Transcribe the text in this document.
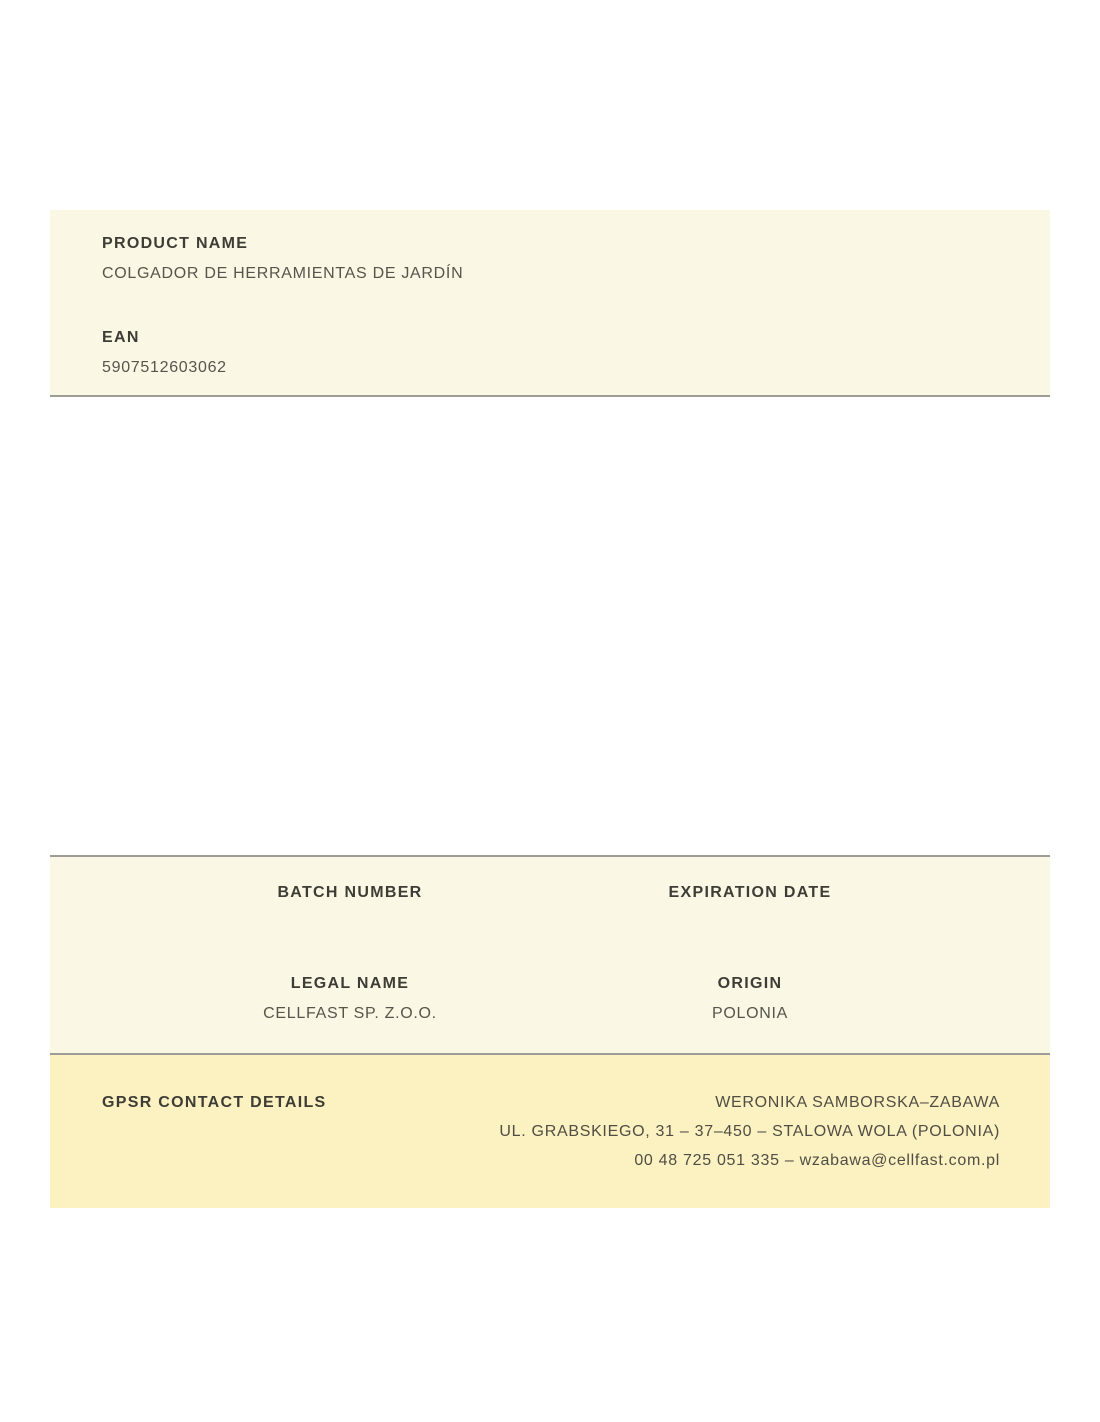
PRODUCT NAME
COLGADOR DE HERRAMIENTAS DE JARDÍN
EAN
5907512603062
BATCH NUMBER	EXPIRATION DATE
LEGAL NAME
CELLFAST SP. Z.O.O.
ORIGIN
POLONIA
GPSR CONTACT DETAILS	WERONIKA SAMBORSKA–ZABAWA
UL. GRABSKIEGO, 31 – 37–450 – STALOWA WOLA (POLONIA)
00 48 725 051 335 – wzabawa@cellfast.com.pl
